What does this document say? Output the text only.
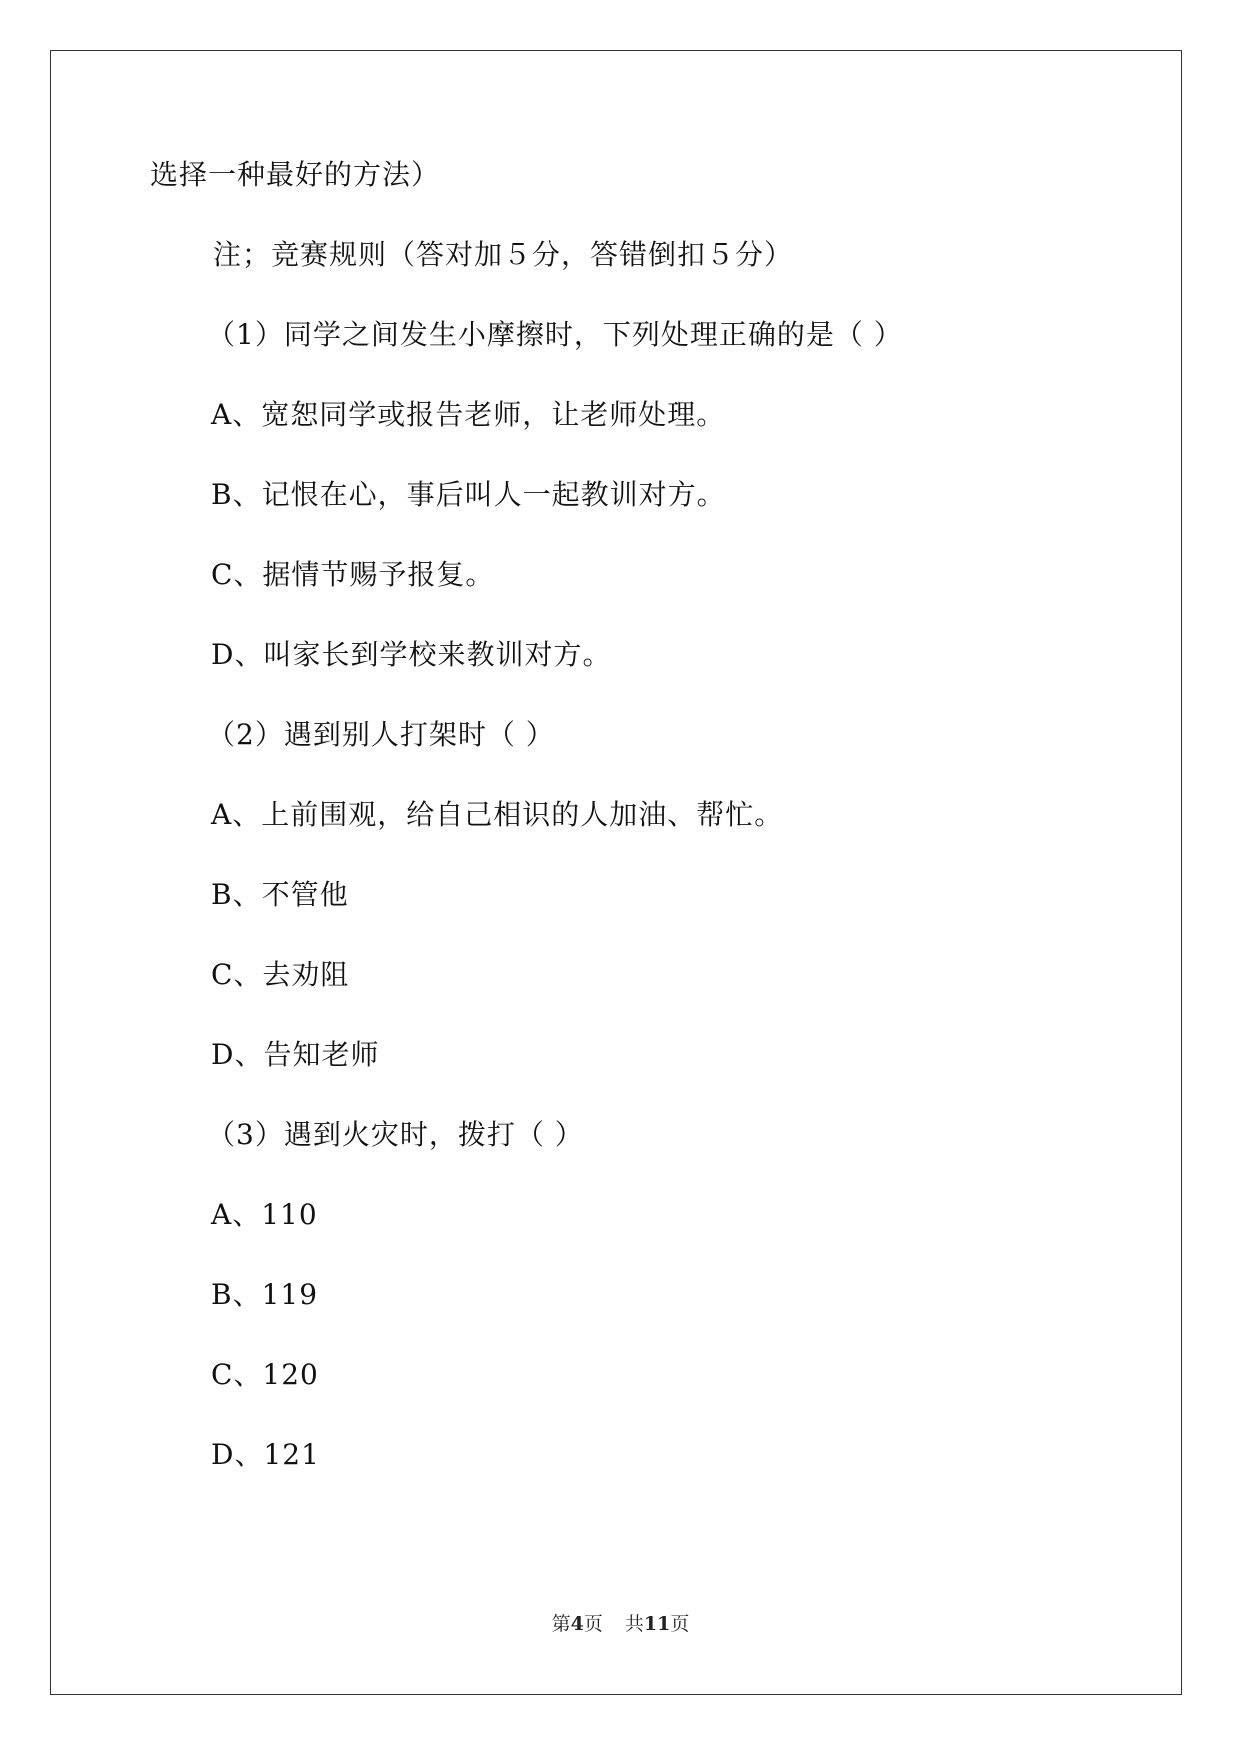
选择一种最好的方法）
注；竞赛规则（答对加５分，答错倒扣５分）
（1）同学之间发生小摩擦时，下列处理正确的是（ ）
A、宽恕同学或报告老师，让老师处理。
B、记恨在心，事后叫人一起教训对方。
C、据情节赐予报复。
D、叫家长到学校来教训对方。
（2）遇到别人打架时（ ）
A、上前围观，给自己相识的人加油、帮忙。
B、不管他
C、去劝阻
D、告知老师
（3）遇到火灾时，拨打（ ）
A、110
B、119
C、120
D、121
第4页 共11页
